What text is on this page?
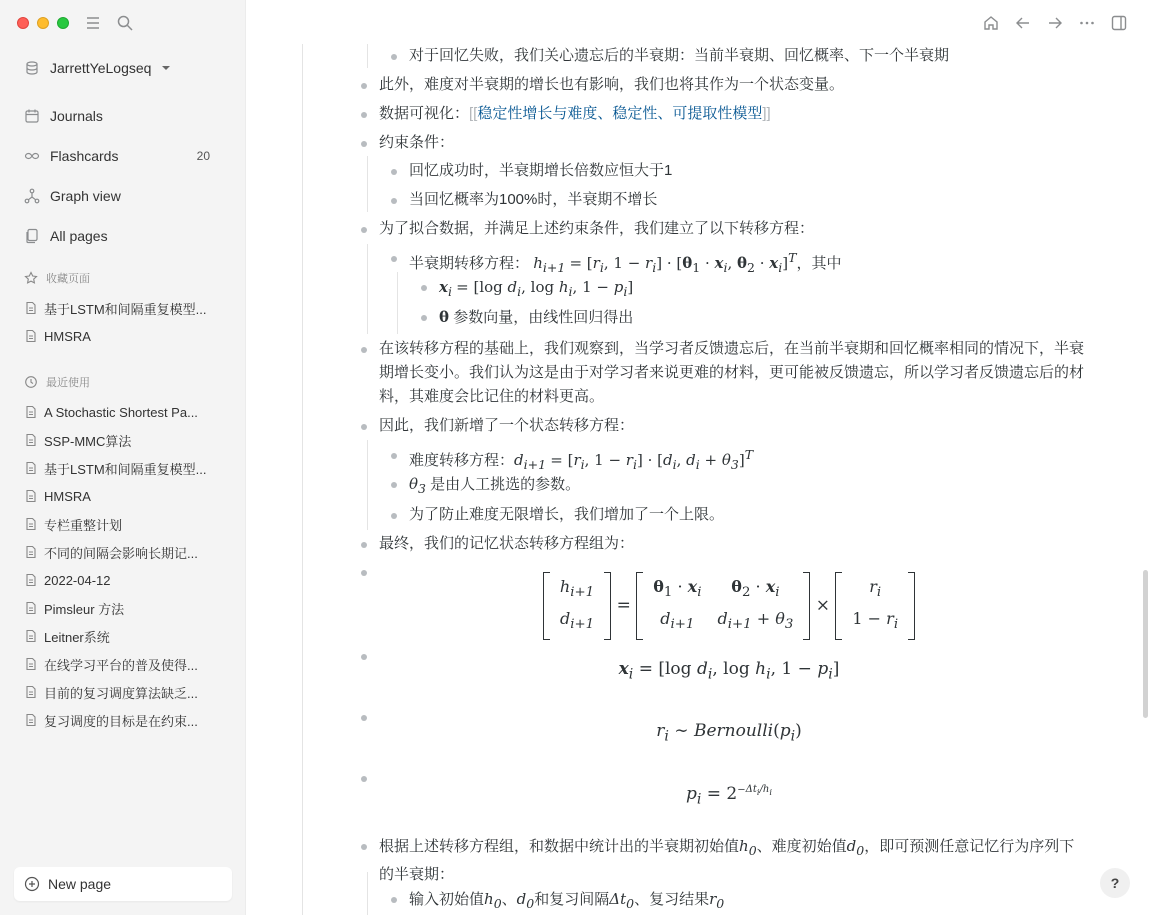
JarrettYeLogseq
Journals
Flashcards	20
Graph view
All pages
收藏页面
基于LSTM和间隔重复模型...
HMSRA
最近使用
A Stochastic Shortest Pa...
SSP-MMC算法
基于LSTM和间隔重复模型...
HMSRA
专栏重整计划
不同的间隔会影响长期记...
2022-04-12
Pimsleur 方法
Leitner系统
在线学习平台的普及使得...
目前的复习调度算法缺乏...
复习调度的目标是在约束...
New page
对于回忆失败，我们关心遗忘后的半衰期：当前半衰期、回忆概率、下一个半衰期
此外，难度对半衰期的增长也有影响，我们也将其作为一个状态变量。
数据可视化：[[稳定性增长与难度、稳定性、可提取性模型]]
约束条件：
回忆成功时，半衰期增长倍数应恒大于1
当回忆概率为100%时，半衰期不增长
为了拟合数据，并满足上述约束条件，我们建立了以下转移方程：
半衰期转移方程： $h_{i+1} = [r_i$, $1 - r_i] \cdot [\theta_1 \cdot x_i$, $\theta_2 \cdot x_i]^T$，其中
$x_i = [\log$ $d_i$, $\log h_i$, $1 - p_i$]
θ 参数向量，由线性回归得出
在该转移方程的基础上，我们观察到，当学习者反馈遗忘后，在当前半衰期和回忆概率相同的情况下，半衰期增长变小。我们认为这是由于对学习者来说更难的材料，更可能被反馈遗忘，所以学习者反馈遗忘后的材料，其难度会比记住的材料更高。
因此，我们新增了一个状态转移方程：
难度转移方程：$d_{i+1} = [r_i$, $1 - r_i] \cdot [d_i$, $d_i + \theta_3]^T$
$\theta_3$ 是由人工挑选的参数。
为了防止难度无限增长，我们增加了一个上限。
最终，我们的记忆状态转移方程组为：
$h_{i+1}$
$d_{i+1}$
=
$\theta_1 \cdot x_i$	$\theta_2 \cdot x_i$
$d_{i+1}$	$d_{i+1} + \theta_3$
×
$r_i$
$1 - r_i$
$x_i = [\log$ $d_i$, $\log h_i$, $1 - p_i$]
$r_i$ ∼ $Bernoulli(p_i)$
$p_i = 2^{-\Delta t_i/h_i}$
根据上述转移方程组，和数据中统计出的半衰期初始值$h_0$、难度初始值$d_0$，即可预测任意记忆行为序列下的半衰期：
输入初始值$h_0$、$d_0$和复习间隔$\Delta t_0$、复习结果$r_0$
?
